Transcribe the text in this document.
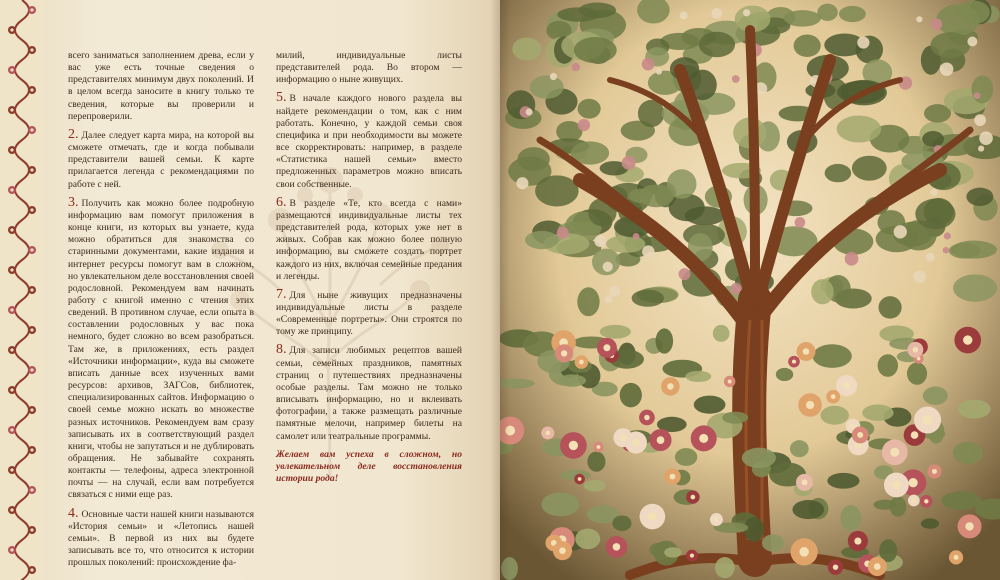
всего заниматься заполнением древа, если у вас уже есть точные сведения о представителях минимум двух поколений. И в целом всегда заносите в книгу только те сведения, которые вы проверили и перепроверили.

2. Далее следует карта мира, на которой вы сможете отмечать, где и когда побывали представители вашей семьи. К карте прилагается легенда с рекомендациями по работе с ней.

3. Получить как можно более подробную информацию вам помогут приложения в конце книги, из которых вы узнаете, куда можно обратиться для знакомства со старинными документами, какие издания и интернет ресурсы помогут вам в сложном, но увлекательном деле восстановления своей родословной. Рекомендуем вам начинать работу с книгой именно с чтения этих сведений. В противном случае, если опыта в составлении родословных у вас пока немного, будет сложно во всем разобраться. Там же, в приложениях, есть раздел «Источники информации», куда вы сможете вписать данные всех изученных вами ресурсов: архивов, ЗАГСов, библиотек, специализированных сайтов. Информацию о своей семье можно искать во множестве разных источников. Рекомендуем вам сразу записывать их в соответствующий раздел книги, чтобы не запутаться и не дублировать обращения. Не забывайте сохранять контакты — телефоны, адреса электронной почты — на случай, если вам потребуется связаться с ними еще раз.

4. Основные части нашей книги называются «История семьи» и «Летопись нашей семьи». В первой из них вы будете записывать все то, что относится к истории прошлых поколений: происхождение фа-

милий, индивидуальные листы представителей рода. Во втором — информацию о ныне живущих.

5. В начале каждого нового раздела вы найдете рекомендации о том, как с ним работать. Конечно, у каждой семьи своя специфика и при необходимости вы можете все скорректировать: например, в разделе «Статистика нашей семьи» вместо предложенных параметров можно вписать свои собственные.

6. В разделе «Те, кто всегда с нами» размещаются индивидуальные листы тех представителей рода, которых уже нет в живых. Собрав как можно более полную информацию, вы сможете создать портрет каждого из них, включая семейные предания и легенды.

7. Для ныне живущих предназначены индивидуальные листы в разделе «Современные портреты». Они строятся по тому же принципу.

8. Для записи любимых рецептов вашей семьи, семейных праздников, памятных страниц о путешествиях предназначены особые разделы. Там можно не только вписывать информацию, но и вклеивать фотографии, а также размещать различные памятные мелочи, например билеты на самолет или театральные программы.

Желаем вам успеха в сложном, но увлекательном деле восстановления истории рода!
